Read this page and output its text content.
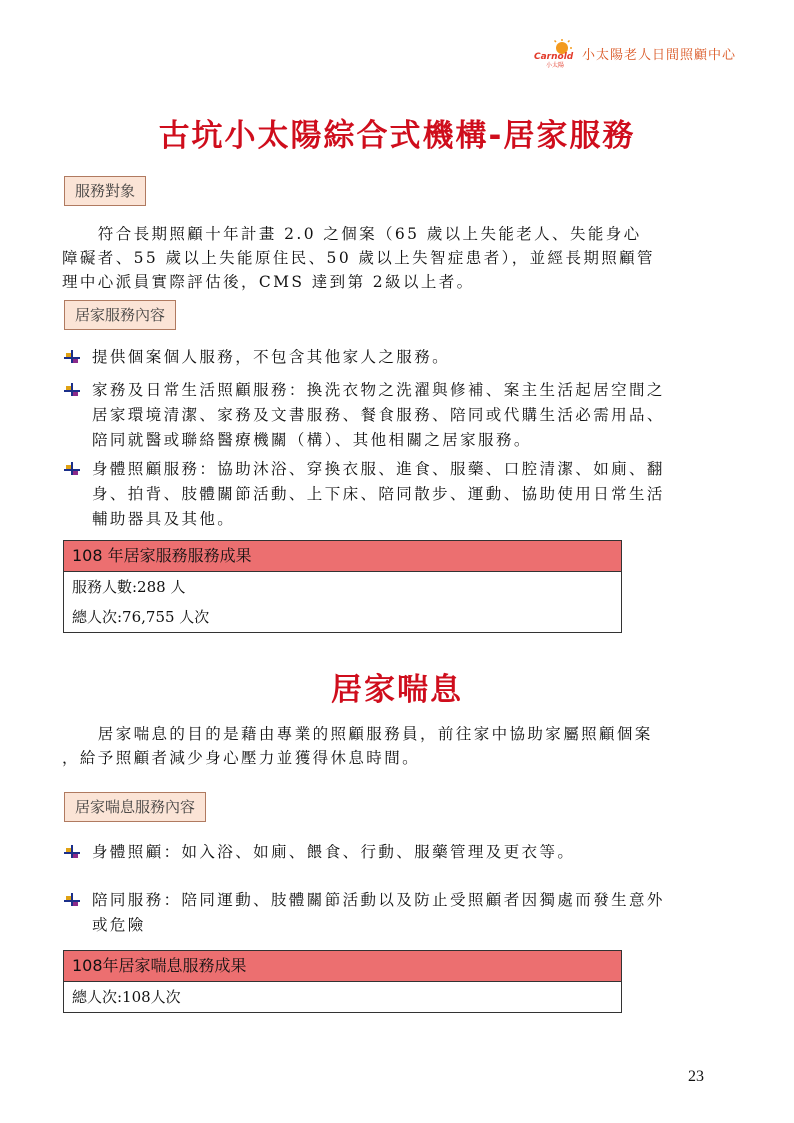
Carnold
小太陽
小太陽老人日間照顧中心
古坑小太陽綜合式機構-居家服務
服務對象

　　符合長期照顧十年計畫 2.0 之個案（65 歲以上失能老人、失能身心

障礙者、55 歲以上失能原住民、50 歲以上失智症患者），並經長期照顧管

理中心派員實際評估後，CMS 達到第 2級以上者。

居家服務內容

提供個案個人服務，不包含其他家人之服務。

家務及日常生活照顧服務：換洗衣物之洗濯與修補、案主生活起居空間之

居家環境清潔、家務及文書服務、餐食服務、陪同或代購生活必需用品、

陪同就醫或聯絡醫療機關（構）、其他相關之居家服務。

身體照顧服務：協助沐浴、穿換衣服、進食、服藥、口腔清潔、如廁、翻

身、拍背、肢體關節活動、上下床、陪同散步、運動、協助使用日常生活

輔助器具及其他。

108 年居家服務服務成果
服務人數:288 人
總人次:76,755 人次
居家喘息

　　居家喘息的目的是藉由專業的照顧服務員，前往家中協助家屬照顧個案

，給予照顧者減少身心壓力並獲得休息時間。

居家喘息服務內容

身體照顧：如入浴、如廁、餵食、行動、服藥管理及更衣等。

陪同服務：陪同運動、肢體關節活動以及防止受照顧者因獨處而發生意外

或危險

108年居家喘息服務成果
總人次:108人次
23
